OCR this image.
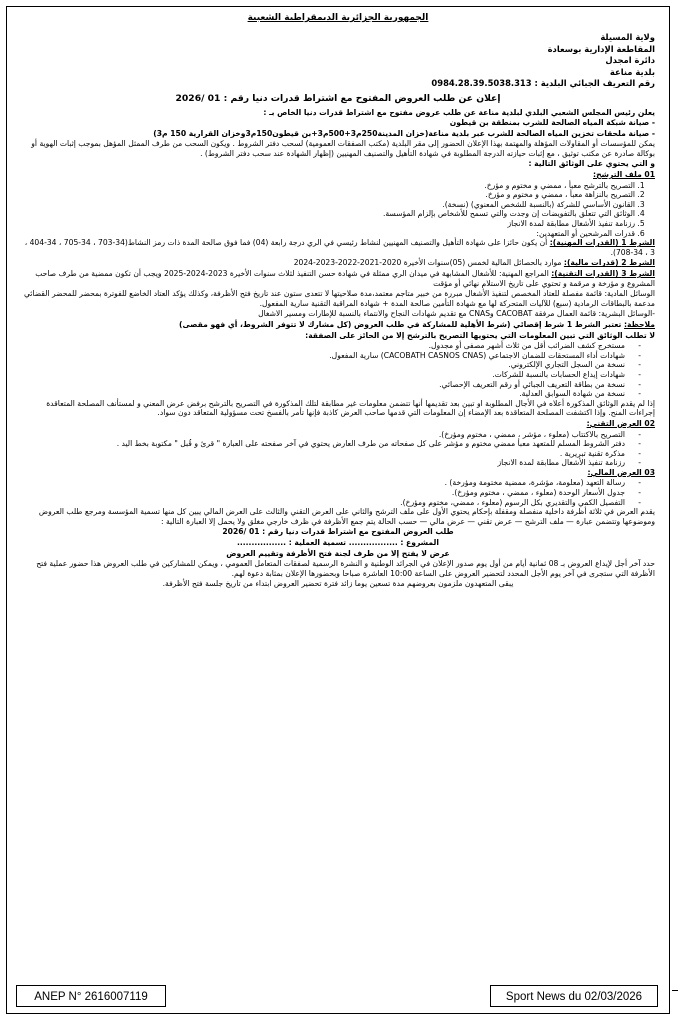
الجمهورية الجزائرية الديمقراطية الشعبية
ولاية المسيلة
المقاطعة الإدارية بوسعادة
دائرة امجدل
بلدية مناعة
رقم التعريف الجبائي البلدية : 0984.28.39.5038.313
إعلان عن طلب العروض المفتوح مع اشتراط قدرات دنيا رقم : 01 /2026
يعلن رئيس المجلس الشعبي البلدي لبلدية مناعة عن طلب عروض مفتوح مع اشتراط قدرات دنيا الخاص بـ :
- صيانة شبكة المياه الصالحة للشرب بمنطقة بن قيطون
- صيانة ملحقات تخزين المياه الصالحة للشرب عبر بلدية مناعة(خزان المدينة250م3+500م3+بن قيطون150م3وخزان القرارية 150 م3)
يمكن للمؤسسات أو المقاولات المؤهلة والمهتمة بهذا الإعلان الحضور إلى مقر البلدية (مكتب الصفقات العمومية) لسحب دفتر الشروط . ويكون السحب من طرف الممثل المؤهل بموجب إثبات الهوية أو بوكالة صادرة عن مكتب توثيق ، مع إثبات حيازته الدرجة المطلوبة في شهادة التأهيل والتصنيف المهنيين (إظهار الشهادة عند سحب دفتر الشروط) .
و التي يحتوي على الوثائق التالية :
01 ملف الترشح:
1. التصريح بالترشح معبأ ، ممضي و مختوم و مؤرخ.
2. التصريح بالنزاهة معبأ ، ممضي و مختوم و مؤرخ.
3. القانون الأساسي للشركة (بالنسبة للشخص المعنوي) (نسخة).
4. الوثائق التي تتعلق بالتفويضات إن وجدت والتي تسمح للأشخاص بإلزام المؤسسة.
5. رزنامة تنفيذ الأشغال مطابقة لمدة الانجاز
6. قدرات المرشحين أو المتعهدين:
الشرط 1 (القدرات المهنية): أن يكون حائزا على شهادة التأهيل والتصنيف المهنيين لنشاط رئيسي في الري درجة رابعة (04) فما فوق صالحة المدة ذات رمز النشاط(34-703 ، 34-705 ، 34-404 ، 3 ، 34-708).
الشرط 2 (قدرات مالية): موارد بالحصائل المالية لخمس (05)سنوات الأخيرة 2020-2021-2022-2023-2024
الشرط 3 (القدرات التقنية): المراجع المهنية: للأشغال المشابهة في ميدان الري ممثلة في شهادة حسن التنفيذ لثلاث سنوات الأخيرة 2023-2024-2025 ويجب أن تكون ممضية من طرف صاحب المشروع و مؤرخة و مرقمة و تحتوي على تاريخ الاستلام نهائي أو مؤقت
الوسائل المادية: قائمة مفصلة للعتاد المخصص لتنفيذ الأشغال مبررة من خبير متاجم معتمد،مدة صلاحيتها لا تتعدى ستون عند تاريخ فتح الأظرفة، وكذلك يؤكد العتاد الخاضع للفوترة بمحضر للمحضر القضائي مدعمة بالبطاقات الرمادية (سبع) للآليات المتحركة لها مع شهادة التأمين صالحة المدة + شهادة المراقبة التقنية سارية المفعول.
-الوسائل البشرية: قائمة العمال مرفقة CACOBAT وCNAS مع تقديم شهادات النجاح والانتماء بالنسبة للإطارات ومسير الاشغال
ملاحظة: تعتبر الشرط 1 شرط إقصائي (شرط الأهلية للمشاركة في طلب العروض (كل مشارك لا تتوفر الشروط، أي فهو مقصى)
لا تطلب الوثائق التي تبين المعلومات التي يحتويها التصريح بالترشح إلا من الحائز على الصفقة:
- مستخرج كشف الضرائب أقل من ثلاث أشهر مصفى أو مجدول.
- شهادات أداء المستحقات للضمان الاجتماعي (CACOBATH CASNOS CNAS) سارية المفعول.
- نسخة من السجل التجاري الإلكتروني.
- شهادات إيداع الحسابات بالنسبة للشركات.
- نسخة من بطاقة التعريف الجبائي أو رقم التعريف الإحصائي.
- نسخة من شهادة السوابق العدلية.
إذا لم يقدم الوثائق المذكورة أعلاه في الأجال المطلوبة او تبين بعد تقديمها أنها تتضمن معلومات غير مطابقة لتلك المذكورة في التصريح بالترشح برفض عرض المعني و لمستأنف المصلحة المتعاقدة إجراءات المنح. وإذا اكتشفت المصلحة المتعاقدة بعد الإمضاء إن المعلومات التي قدمها صاحب العرض كاذبة فإنها تأمر بالفسخ تحت مسؤولية المتعاقد دون سواد.
02 العرض التقني:
- التصريح بالاكتتاب (معلوء ، مؤشر ، ممضي ، مختوم ومؤرخ).
- دفتر الشروط المسلم للمتعهد معبأ ممضي مختوم و مؤشر على كل صفحاته من طرف العارض يحتوي في آخر صفحته على العبارة " قرئ و قُبل " مكتوبة بخط اليد .
- مذكرة تقنية تبريرية .
- رزنامة تنفيذ الأشغال مطابقة لمدة الانجاز
03 العرض المالي:
- رسالة التعهد (معلومة، مؤشرة، ممضية مختومة ومؤرخة) .
- جدول الأسعار الوحدة (معلوء ، ممضي ، مختوم ومؤرخ).
- التفصيل الكمي والتقديري بكل الرسوم (معلوء ، ممضي، مختوم ومؤرخ).
يقدم العرض في ثلاثة أظرفة داخلية منفصلة ومقفلة بإحكام يحتوي الأول على ملف الترشح والثاني على العرض التقني والثالث على العرض المالي يبين كل منها تسمية المؤسسة ومرجع طلب العروض وموضوعها وتتضمن عبارة — ملف الترشح — عرض تقني — عرض مالي — حسب الحالة يتم جمع الأظرفة في ظرف خارجي مغلق ولا يحمل إلا العبارة التالية :
طلب العروض المفتوح مع اشتراط قدرات دنيا رقم : 01 /2026
المشروع : ................. تسمية العملية : .................
عرض لا يفتح إلا من طرف لجنة فتح الأظرفة وتقييم العروض
حدد آخر أجل لإيداع العروض بـ 08 ثمانية أيام من أول يوم صدور الإعلان في الجرائد الوطنية و النشرة الرسمية لصفقات المتعامل العمومي ، ويمكن للمشاركين في طلب العروض هذا حضور عملية فتح الأظرفة التي ستجرى في آخر يوم الأجل المحدد لتحضير العروض على الساعة 10:00 العاشرة صباحا وبحضورها الإعلان بمثابة دعوة لهم.
يبقى المتعهدون ملزمون بعروضهم مدة تسعين يوما زائد فترة تحضير العروض ابتداء من تاريخ جلسة فتح الأظرفة.
ANEP N° 2616007119	Sport News du 02/03/2026
